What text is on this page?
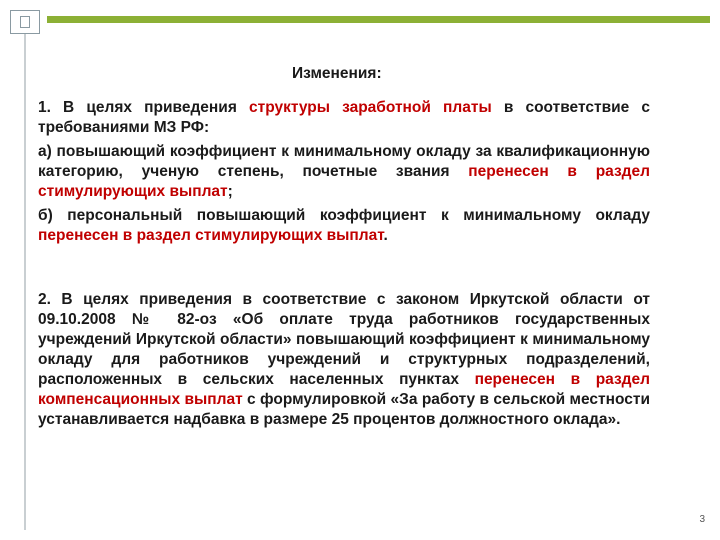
Изменения:

1. В целях приведения структуры заработной платы в соответствие с требованиями МЗ РФ:

а) повышающий коэффициент к минимальному окладу за квалификационную категорию, ученую степень, почетные звания перенесен в раздел стимулирующих выплат;

б) персональный повышающий коэффициент к минимальному окладу перенесен в раздел стимулирующих выплат.

2. В целях приведения в соответствие с законом Иркутской области от 09.10.2008 № 82-оз «Об оплате труда работников государственных учреждений Иркутской области» повышающий коэффициент к минимальному окладу для работников учреждений и структурных подразделений, расположенных в сельских населенных пунктах перенесен в раздел компенсационных выплат с формулировкой «За работу в сельской местности устанавливается надбавка в размере 25 процентов должностного оклада».

3
